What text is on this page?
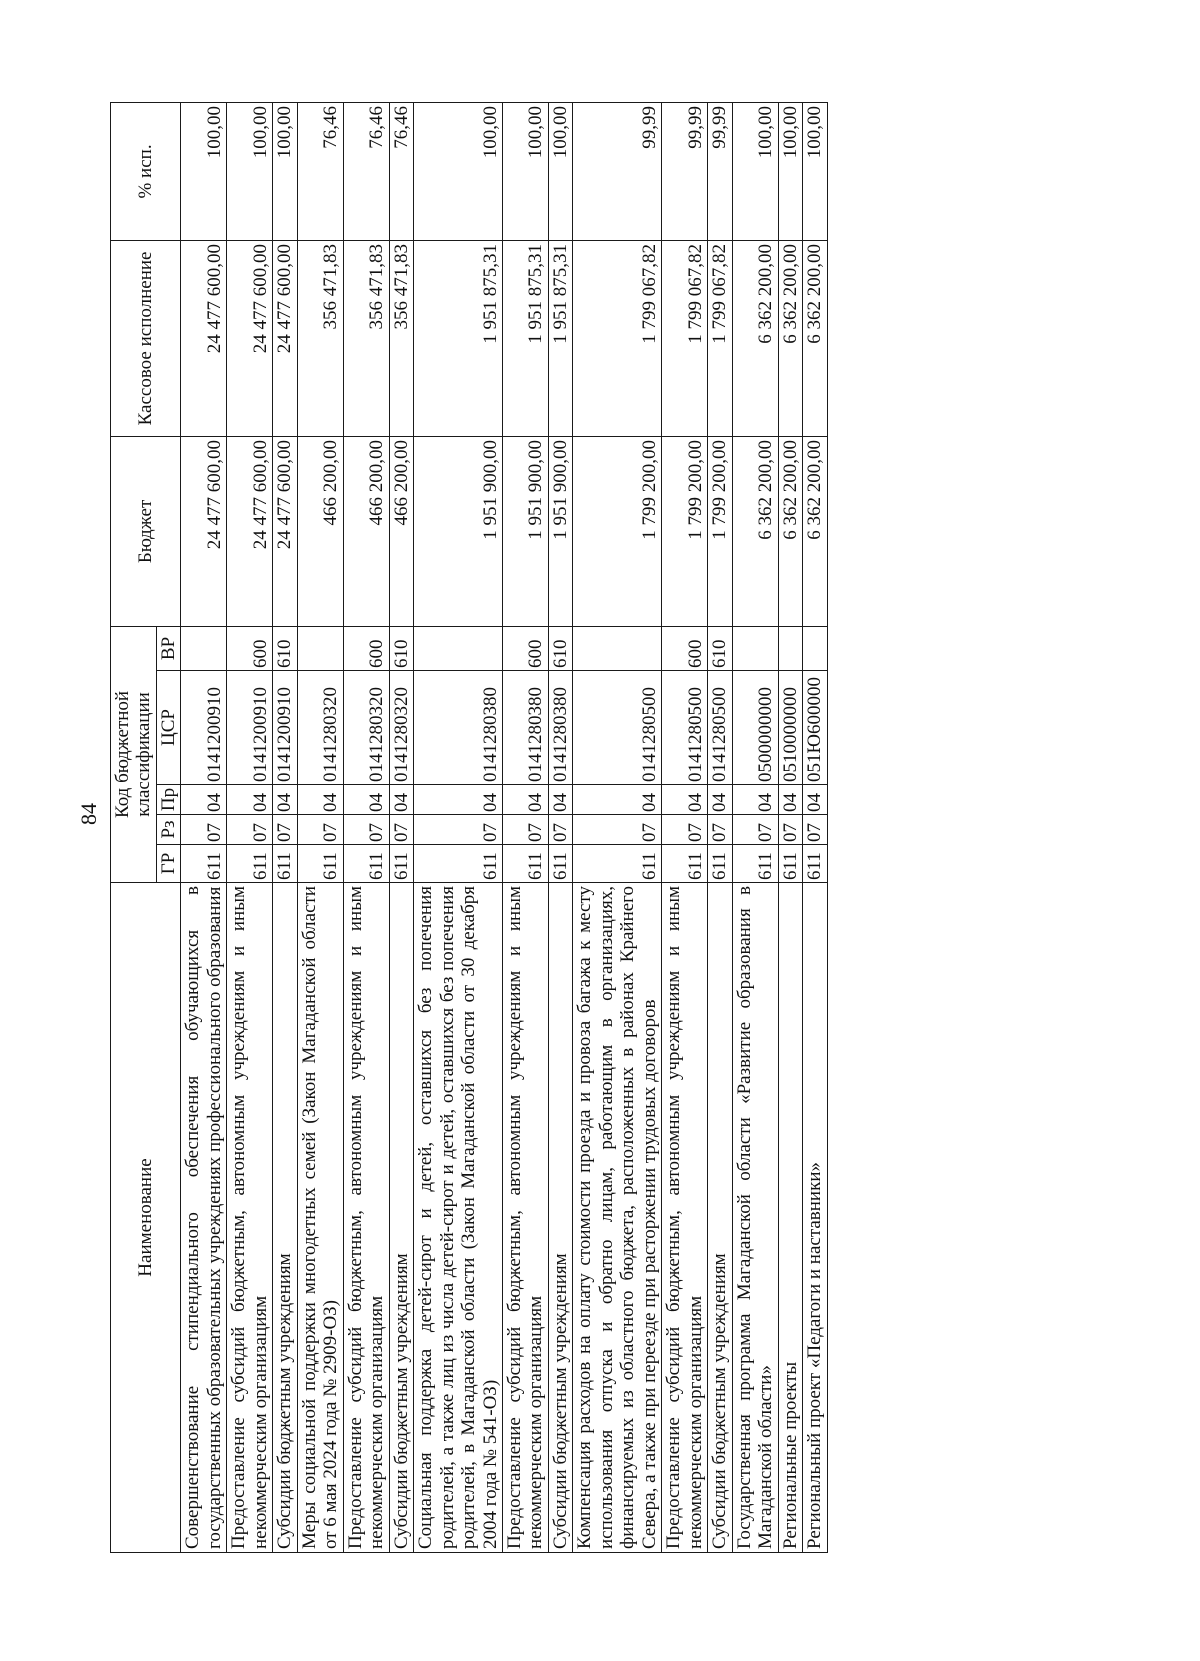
84
Наименование	Код бюджетной классификации					Бюджет	Кассовое исполнение	% исп.
	ГР	Рз	Пр	ЦСР	ВР			
Совершенствование стипендиального обеспечения обучающихся в государственных образовательных учреждениях профессионального образования	611	07	04	0141200910		24 477 600,00	24 477 600,00	100,00
Предоставление субсидий бюджетным, автономным учреждениям и иным некоммерческим организациям	611	07	04	0141200910	600	24 477 600,00	24 477 600,00	100,00
Субсидии бюджетным учреждениям	611	07	04	0141200910	610	24 477 600,00	24 477 600,00	100,00
Меры социальной поддержки многодетных семей (Закон Магаданской области от 6 мая 2024 года № 2909-ОЗ)	611	07	04	0141280320		466 200,00	356 471,83	76,46
Предоставление субсидий бюджетным, автономным учреждениям и иным некоммерческим организациям	611	07	04	0141280320	600	466 200,00	356 471,83	76,46
Субсидии бюджетным учреждениям	611	07	04	0141280320	610	466 200,00	356 471,83	76,46
Социальная поддержка детей-сирот и детей, оставшихся без попечения родителей, а также лиц из числа детей-сирот и детей, оставшихся без попечения родителей, в Магаданской области (Закон Магаданской области от 30 декабря 2004 года № 541-ОЗ)	611	07	04	0141280380		1 951 900,00	1 951 875,31	100,00
Предоставление субсидий бюджетным, автономным учреждениям и иным некоммерческим организациям	611	07	04	0141280380	600	1 951 900,00	1 951 875,31	100,00
Субсидии бюджетным учреждениям	611	07	04	0141280380	610	1 951 900,00	1 951 875,31	100,00
Компенсация расходов на оплату стоимости проезда и провоза багажа к месту использования отпуска и обратно лицам, работающим в организациях, финансируемых из областного бюджета, расположенных в районах Крайнего Севера, а также при переезде при расторжении трудовых договоров	611	07	04	0141280500		1 799 200,00	1 799 067,82	99,99
Предоставление субсидий бюджетным, автономным учреждениям и иным некоммерческим организациям	611	07	04	0141280500	600	1 799 200,00	1 799 067,82	99,99
Субсидии бюджетным учреждениям	611	07	04	0141280500	610	1 799 200,00	1 799 067,82	99,99
Государственная программа Магаданской области «Развитие образования в Магаданской области»	611	07	04	0500000000		6 362 200,00	6 362 200,00	100,00
Региональные проекты	611	07	04	0510000000		6 362 200,00	6 362 200,00	100,00
Региональный проект «Педагоги и наставники»	611	07	04	051Ю600000		6 362 200,00	6 362 200,00	100,00
